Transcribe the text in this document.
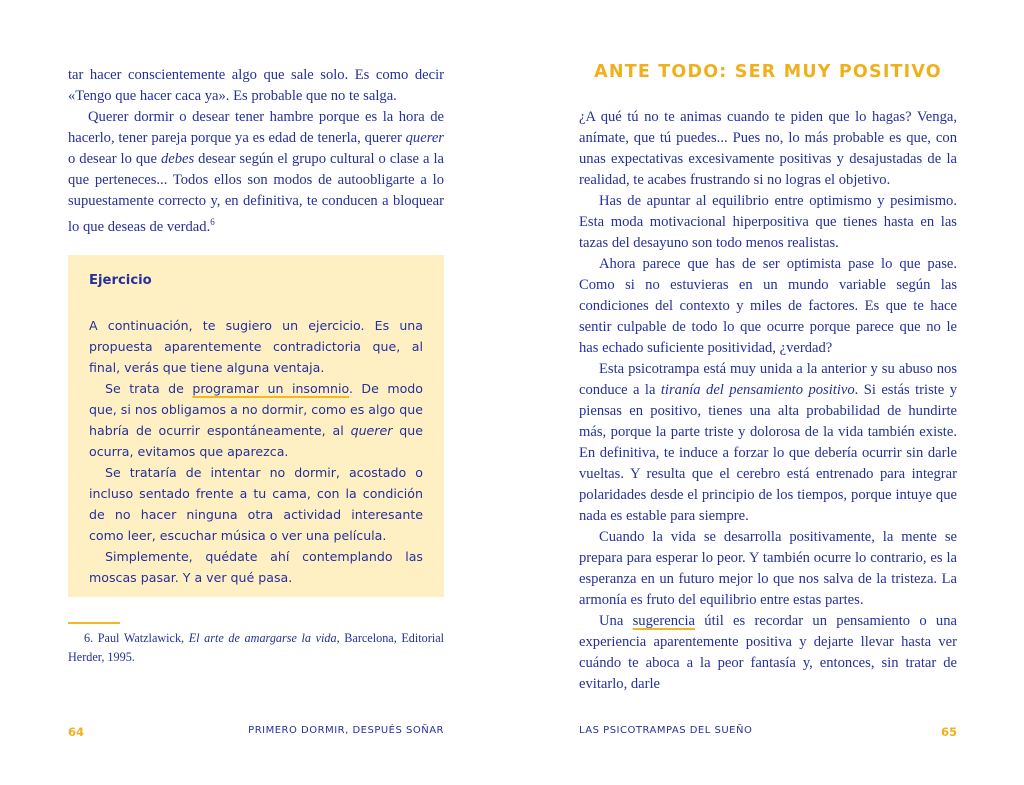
tar hacer conscientemente algo que sale solo. Es como decir «Tengo que hacer caca ya». Es probable que no te salga.

Querer dormir o desear tener hambre porque es la hora de hacerlo, tener pareja porque ya es edad de tenerla, querer querer o desear lo que debes desear según el grupo cultural o clase a la que perteneces... Todos ellos son modos de autoobligarte a lo supuestamente correcto y, en definitiva, te conducen a bloquear lo que deseas de verdad.$^6$

Ejercicio

A continuación, te sugiero un ejercicio. Es una propuesta aparentemente contradictoria que, al final, verás que tiene alguna ventaja.

Se trata de programar un insomnio. De modo que, si nos obligamos a no dormir, como es algo que habría de ocurrir espontáneamente, al querer que ocurra, evitamos que aparezca.

Se trataría de intentar no dormir, acostado o incluso sentado frente a tu cama, con la condición de no hacer ninguna otra actividad interesante como leer, escuchar música o ver una película.

Simplemente, quédate ahí contemplando las moscas pasar. Y a ver qué pasa.

6. Paul Watzlawick, El arte de amargarse la vida, Barcelona, Editorial Herder, 1995.
64	PRIMERO DORMIR, DESPUÉS SOÑAR
ANTE TODO: SER MUY POSITIVO

¿A qué tú no te animas cuando te piden que lo hagas? Venga, anímate, que tú puedes... Pues no, lo más probable es que, con unas expectativas excesivamente positivas y desajustadas de la realidad, te acabes frustrando si no logras el objetivo.

Has de apuntar al equilibrio entre optimismo y pesimismo. Esta moda motivacional hiperpositiva que tienes hasta en las tazas del desayuno son todo menos realistas.

Ahora parece que has de ser optimista pase lo que pase. Como si no estuvieras en un mundo variable según las condiciones del contexto y miles de factores. Es que te hace sentir culpable de todo lo que ocurre porque parece que no le has echado suficiente positividad, ¿verdad?

Esta psicotrampa está muy unida a la anterior y su abuso nos conduce a la tiranía del pensamiento positivo. Si estás triste y piensas en positivo, tienes una alta probabilidad de hundirte más, porque la parte triste y dolorosa de la vida también existe. En definitiva, te induce a forzar lo que debería ocurrir sin darle vueltas. Y resulta que el cerebro está entrenado para integrar polaridades desde el principio de los tiempos, porque intuye que nada es estable para siempre.

Cuando la vida se desarrolla positivamente, la mente se prepara para esperar lo peor. Y también ocurre lo contrario, es la esperanza en un futuro mejor lo que nos salva de la tristeza. La armonía es fruto del equilibrio entre estas partes.

Una sugerencia útil es recordar un pensamiento o una experiencia aparentemente positiva y dejarte llevar hasta ver cuándo te aboca a la peor fantasía y, entonces, sin tratar de evitarlo, darle

LAS PSICOTRAMPAS DEL SUEÑO	65
